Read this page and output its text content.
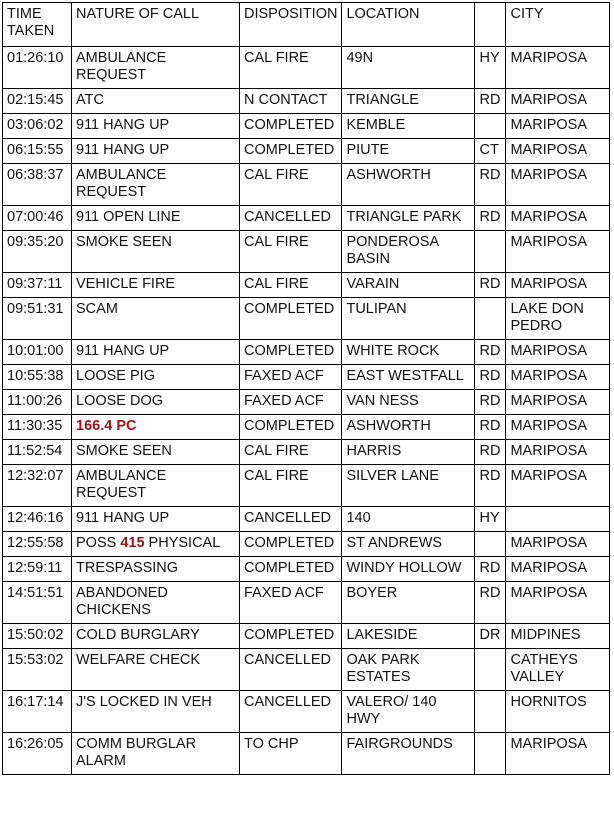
TIME TAKEN	NATURE OF CALL	DISPOSITION	LOCATION		CITY
01:26:10	AMBULANCE REQUEST	CAL FIRE	49N	HY	MARIPOSA
02:15:45	ATC	N CONTACT	TRIANGLE	RD	MARIPOSA
03:06:02	911 HANG UP	COMPLETED	KEMBLE		MARIPOSA
06:15:55	911 HANG UP	COMPLETED	PIUTE	CT	MARIPOSA
06:38:37	AMBULANCE REQUEST	CAL FIRE	ASHWORTH	RD	MARIPOSA
07:00:46	911 OPEN LINE	CANCELLED	TRIANGLE PARK	RD	MARIPOSA
09:35:20	SMOKE SEEN	CAL FIRE	PONDEROSA BASIN		MARIPOSA
09:37:11	VEHICLE FIRE	CAL FIRE	VARAIN	RD	MARIPOSA
09:51:31	SCAM	COMPLETED	TULIPAN		LAKE DON PEDRO
10:01:00	911 HANG UP	COMPLETED	WHITE ROCK	RD	MARIPOSA
10:55:38	LOOSE PIG	FAXED ACF	EAST WESTFALL	RD	MARIPOSA
11:00:26	LOOSE DOG	FAXED ACF	VAN NESS	RD	MARIPOSA
11:30:35	166.4 PC	COMPLETED	ASHWORTH	RD	MARIPOSA
11:52:54	SMOKE SEEN	CAL FIRE	HARRIS	RD	MARIPOSA
12:32:07	AMBULANCE REQUEST	CAL FIRE	SILVER LANE	RD	MARIPOSA
12:46:16	911 HANG UP	CANCELLED	140	HY	
12:55:58	POSS 415 PHYSICAL	COMPLETED	ST ANDREWS		MARIPOSA
12:59:11	TRESPASSING	COMPLETED	WINDY HOLLOW	RD	MARIPOSA
14:51:51	ABANDONED CHICKENS	FAXED ACF	BOYER	RD	MARIPOSA
15:50:02	COLD BURGLARY	COMPLETED	LAKESIDE	DR	MIDPINES
15:53:02	WELFARE CHECK	CANCELLED	OAK PARK ESTATES		CATHEYS VALLEY
16:17:14	J'S LOCKED IN VEH	CANCELLED	VALERO/ 140 HWY		HORNITOS
16:26:05	COMM BURGLAR ALARM	TO CHP	FAIRGROUNDS		MARIPOSA
